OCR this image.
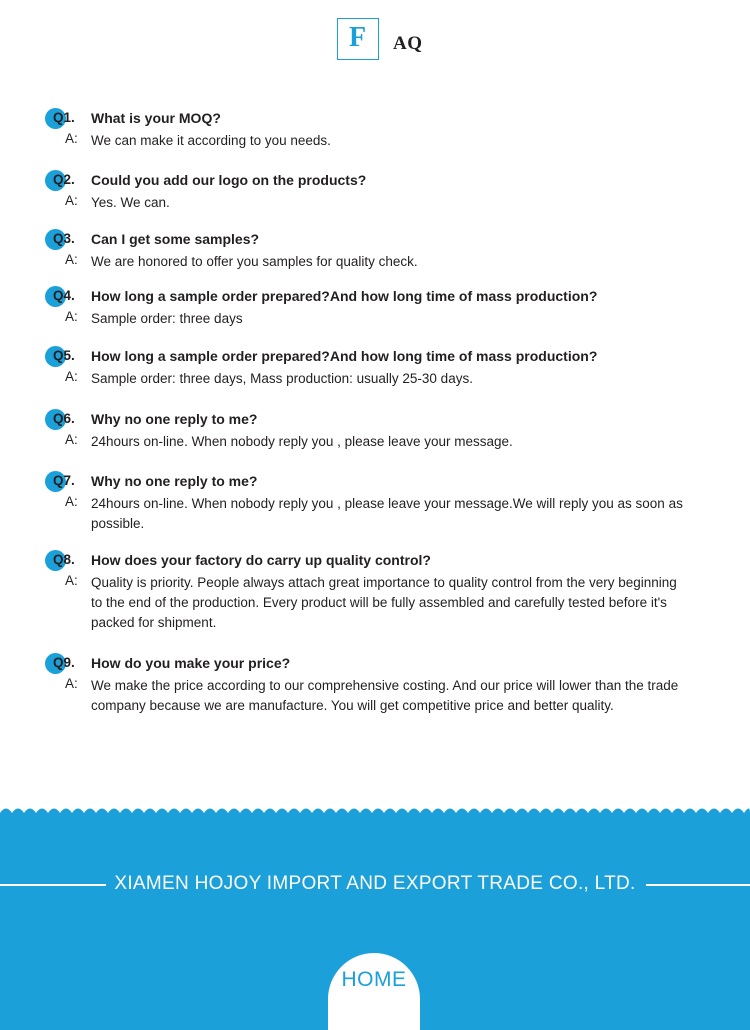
F AQ
Q1. What is your MOQ?
A: We can make it according to you needs.
Q2. Could you add our logo on the products?
A: Yes. We can.
Q3. Can I get some samples?
A: We are honored to offer you samples for quality check.
Q4. How long a sample order prepared?And how long time of mass production?
A: Sample order: three days
Q5. How long a sample order prepared?And how long time of mass production?
A: Sample order: three days, Mass production: usually 25-30 days.
Q6. Why no one reply to me?
A: 24hours on-line. When nobody reply you , please leave your message.
Q7. Why no one reply to me?
A: 24hours on-line. When nobody reply you , please leave your message.We will reply you as soon as possible.
Q8. How does your factory do carry up quality control?
A: Quality is priority. People always attach great importance to quality control from the very beginning to the end of the production. Every product will be fully assembled and carefully tested before it's packed for shipment.
Q9. How do you make your price?
A: We make the price according to our comprehensive costing. And our price will lower than the trade company because we are manufacture. You will get competitive price and better quality.
XIAMEN HOJOY IMPORT AND EXPORT TRADE CO., LTD.
HOME
